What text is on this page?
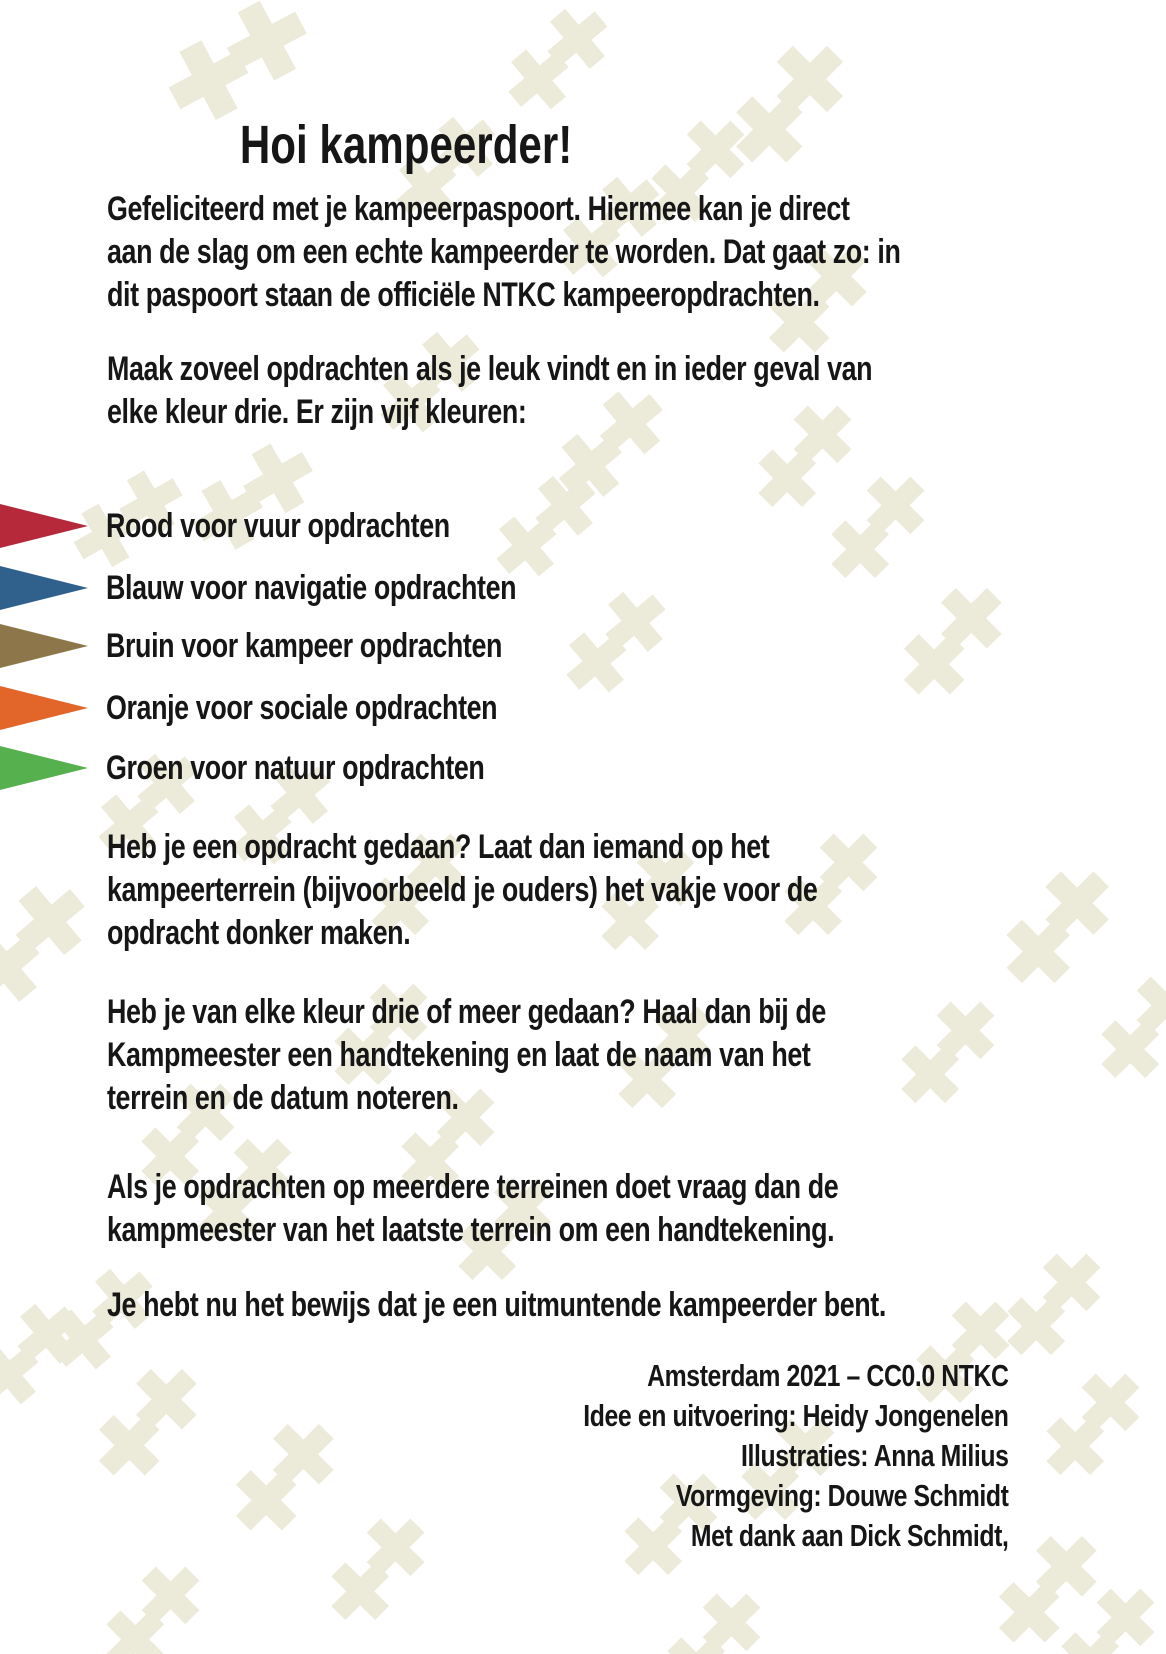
Hoi kampeerder!
Gefeliciteerd met je kampeerpaspoort. Hiermee kan je direct
aan de slag om een echte kampeerder te worden. Dat gaat zo: in
dit paspoort staan de officiële NTKC kampeeropdrachten.
Maak zoveel opdrachten als je leuk vindt en in ieder geval van
elke kleur drie. Er zijn vijf kleuren:
Rood voor vuur opdrachten
Blauw voor navigatie opdrachten
Bruin voor kampeer opdrachten
Oranje voor sociale opdrachten
Groen voor natuur opdrachten
Heb je een opdracht gedaan? Laat dan iemand op het
kampeerterrein (bijvoorbeeld je ouders) het vakje voor de
opdracht donker maken.
Heb je van elke kleur drie of meer gedaan? Haal dan bij de
Kampmeester een handtekening en laat de naam van het
terrein en de datum noteren.
Als je opdrachten op meerdere terreinen doet vraag dan de
kampmeester van het laatste terrein om een handtekening.
Je hebt nu het bewijs dat je een uitmuntende kampeerder bent.
Amsterdam 2021 – CC0.0 NTKC
Idee en uitvoering: Heidy Jongenelen
Illustraties: Anna Milius
Vormgeving: Douwe Schmidt
Met dank aan Dick Schmidt,
